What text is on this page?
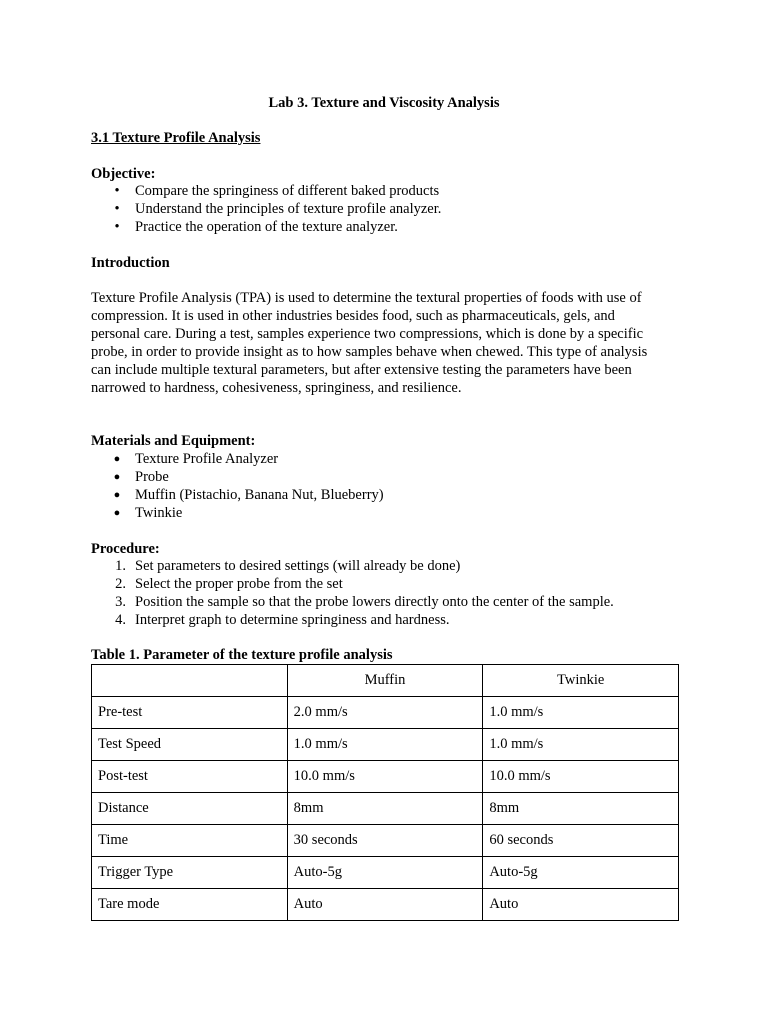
Lab 3. Texture and Viscosity Analysis
3.1 Texture Profile Analysis
Objective:
•	Compare the springiness of different baked products
•	Understand the principles of texture profile analyzer.
•	Practice the operation of the texture analyzer.
Introduction
Texture Profile Analysis (TPA) is used to determine the textural properties of foods with use of
compression. It is used in other industries besides food, such as pharmaceuticals, gels, and
personal care. During a test, samples experience two compressions, which is done by a specific
probe, in order to provide insight as to how samples behave when chewed. This type of analysis
can include multiple textural parameters, but after extensive testing the parameters have been
narrowed to hardness, cohesiveness, springiness, and resilience.
Materials and Equipment:
● Texture Profile Analyzer
● Probe
● Muffin (Pistachio, Banana Nut, Blueberry)
● Twinkie
Procedure:
1. Set parameters to desired settings (will already be done)
2. Select the proper probe from the set
3. Position the sample so that the probe lowers directly onto the center of the sample.
4. Interpret graph to determine springiness and hardness.
Table 1. Parameter of the texture profile analysis
	Muffin	Twinkie
Pre-test	2.0 mm/s	1.0 mm/s
Test Speed	1.0 mm/s	1.0 mm/s
Post-test	10.0 mm/s	10.0 mm/s
Distance	8mm	8mm
Time	30 seconds	60 seconds
Trigger Type	Auto-5g	Auto-5g
Tare mode	Auto	Auto
